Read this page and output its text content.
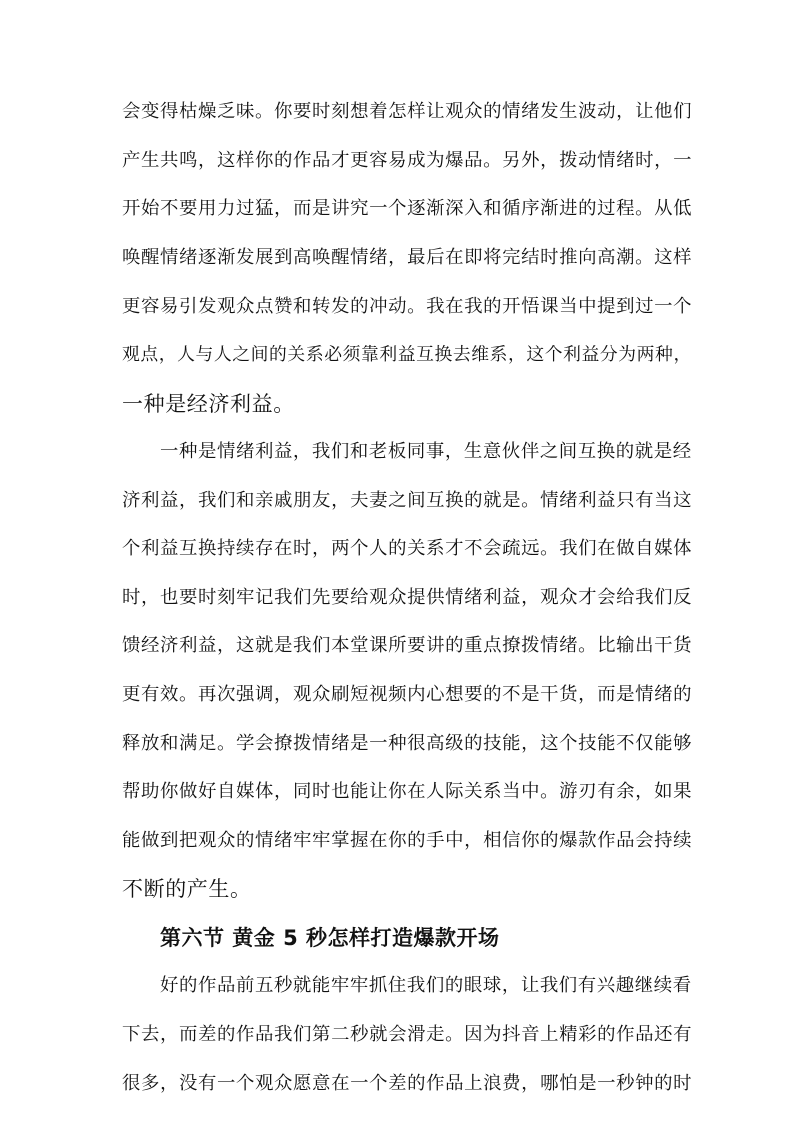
会变得枯燥乏味。你要时刻想着怎样让观众的情绪发生波动，让他们
产生共鸣，这样你的作品才更容易成为爆品。另外，拨动情绪时，一
开始不要用力过猛，而是讲究一个逐渐深入和循序渐进的过程。从低
唤醒情绪逐渐发展到高唤醒情绪，最后在即将完结时推向高潮。这样
更容易引发观众点赞和转发的冲动。我在我的开悟课当中提到过一个
观点，人与人之间的关系必须靠利益互换去维系，这个利益分为两种，
一种是经济利益。
一种是情绪利益，我们和老板同事，生意伙伴之间互换的就是经
济利益，我们和亲戚朋友，夫妻之间互换的就是。情绪利益只有当这
个利益互换持续存在时，两个人的关系才不会疏远。我们在做自媒体
时，也要时刻牢记我们先要给观众提供情绪利益，观众才会给我们反
馈经济利益，这就是我们本堂课所要讲的重点撩拨情绪。比输出干货
更有效。再次强调，观众刷短视频内心想要的不是干货，而是情绪的
释放和满足。学会撩拨情绪是一种很高级的技能，这个技能不仅能够
帮助你做好自媒体，同时也能让你在人际关系当中。游刃有余，如果
能做到把观众的情绪牢牢掌握在你的手中，相信你的爆款作品会持续
不断的产生。
第六节 黄金 5 秒怎样打造爆款开场
好的作品前五秒就能牢牢抓住我们的眼球，让我们有兴趣继续看
下去，而差的作品我们第二秒就会滑走。因为抖音上精彩的作品还有
很多，没有一个观众愿意在一个差的作品上浪费，哪怕是一秒钟的时
